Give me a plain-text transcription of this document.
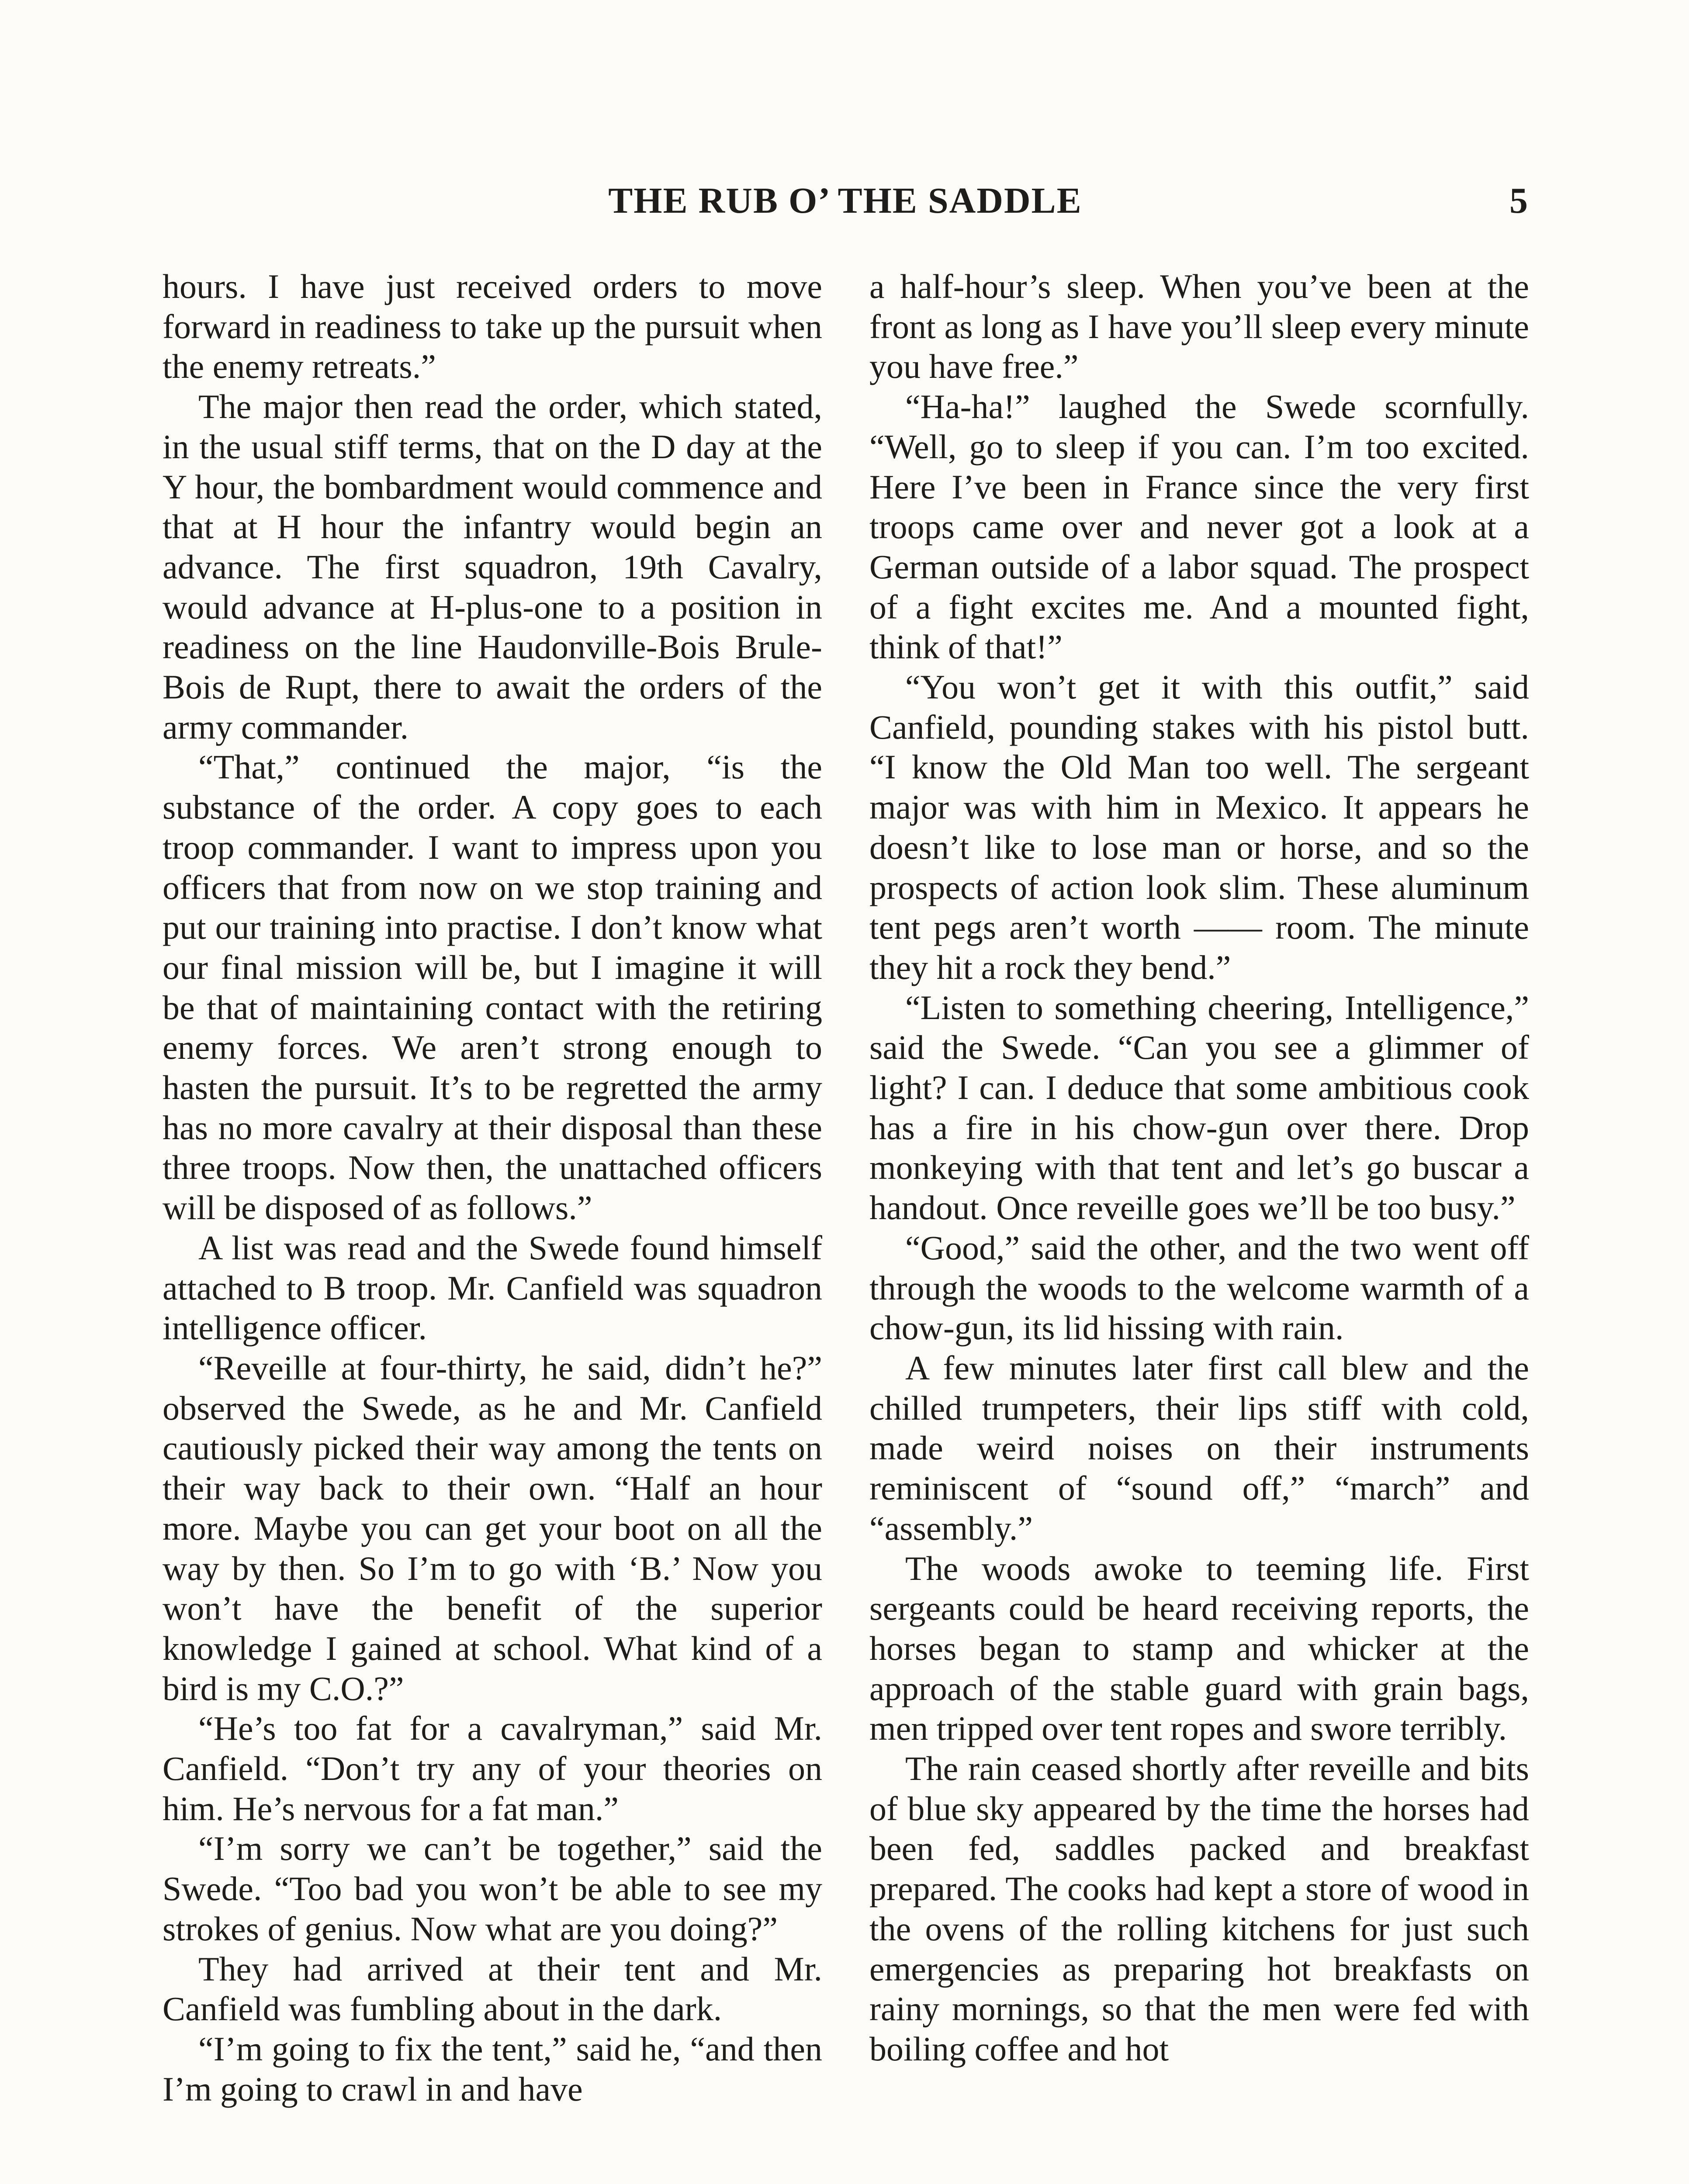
THE RUB O’ THE SADDLE	5

hours. I have just received orders to move forward in readiness to take up the pursuit when the enemy retreats.”

The major then read the order, which stated, in the usual stiff terms, that on the D day at the Y hour, the bombardment would commence and that at H hour the infantry would begin an advance. The first squadron, 19th Cavalry, would advance at H-plus-one to a position in readiness on the line Haudonville-Bois Brule-Bois de Rupt, there to await the orders of the army commander.

“That,” continued the major, “is the substance of the order. A copy goes to each troop commander. I want to impress upon you officers that from now on we stop training and put our training into practise. I don’t know what our final mission will be, but I imagine it will be that of maintaining contact with the retiring enemy forces. We aren’t strong enough to hasten the pursuit. It’s to be regretted the army has no more cavalry at their disposal than these three troops. Now then, the unattached officers will be disposed of as follows.”

A list was read and the Swede found himself attached to B troop. Mr. Canfield was squadron intelligence officer.

“Reveille at four-thirty, he said, didn’t he?” observed the Swede, as he and Mr. Canfield cautiously picked their way among the tents on their way back to their own. “Half an hour more. Maybe you can get your boot on all the way by then. So I’m to go with ‘B.’ Now you won’t have the benefit of the superior knowledge I gained at school. What kind of a bird is my C.O.?”

“He’s too fat for a cavalryman,” said Mr. Canfield. “Don’t try any of your theories on him. He’s nervous for a fat man.”

“I’m sorry we can’t be together,” said the Swede. “Too bad you won’t be able to see my strokes of genius. Now what are you doing?”

They had arrived at their tent and Mr. Canfield was fumbling about in the dark.

“I’m going to fix the tent,” said he, “and then I’m going to crawl in and have

a half-hour’s sleep. When you’ve been at the front as long as I have you’ll sleep every minute you have free.”

“Ha-ha!” laughed the Swede scornfully. “Well, go to sleep if you can. I’m too excited. Here I’ve been in France since the very first troops came over and never got a look at a German outside of a labor squad. The prospect of a fight excites me. And a mounted fight, think of that!”

“You won’t get it with this outfit,” said Canfield, pounding stakes with his pistol butt. “I know the Old Man too well. The sergeant major was with him in Mexico. It appears he doesn’t like to lose man or horse, and so the prospects of action look slim. These aluminum tent pegs aren’t worth —— room. The minute they hit a rock they bend.”

“Listen to something cheering, Intelligence,” said the Swede. “Can you see a glimmer of light? I can. I deduce that some ambitious cook has a fire in his chow-gun over there. Drop monkeying with that tent and let’s go buscar a handout. Once reveille goes we’ll be too busy.”

“Good,” said the other, and the two went off through the woods to the welcome warmth of a chow-gun, its lid hissing with rain.

A few minutes later first call blew and the chilled trumpeters, their lips stiff with cold, made weird noises on their instruments reminiscent of “sound off,” “march” and “assembly.”

The woods awoke to teeming life. First sergeants could be heard receiving reports, the horses began to stamp and whicker at the approach of the stable guard with grain bags, men tripped over tent ropes and swore terribly.

The rain ceased shortly after reveille and bits of blue sky appeared by the time the horses had been fed, saddles packed and breakfast prepared. The cooks had kept a store of wood in the ovens of the rolling kitchens for just such emergencies as preparing hot breakfasts on rainy mornings, so that the men were fed with boiling coffee and hot
